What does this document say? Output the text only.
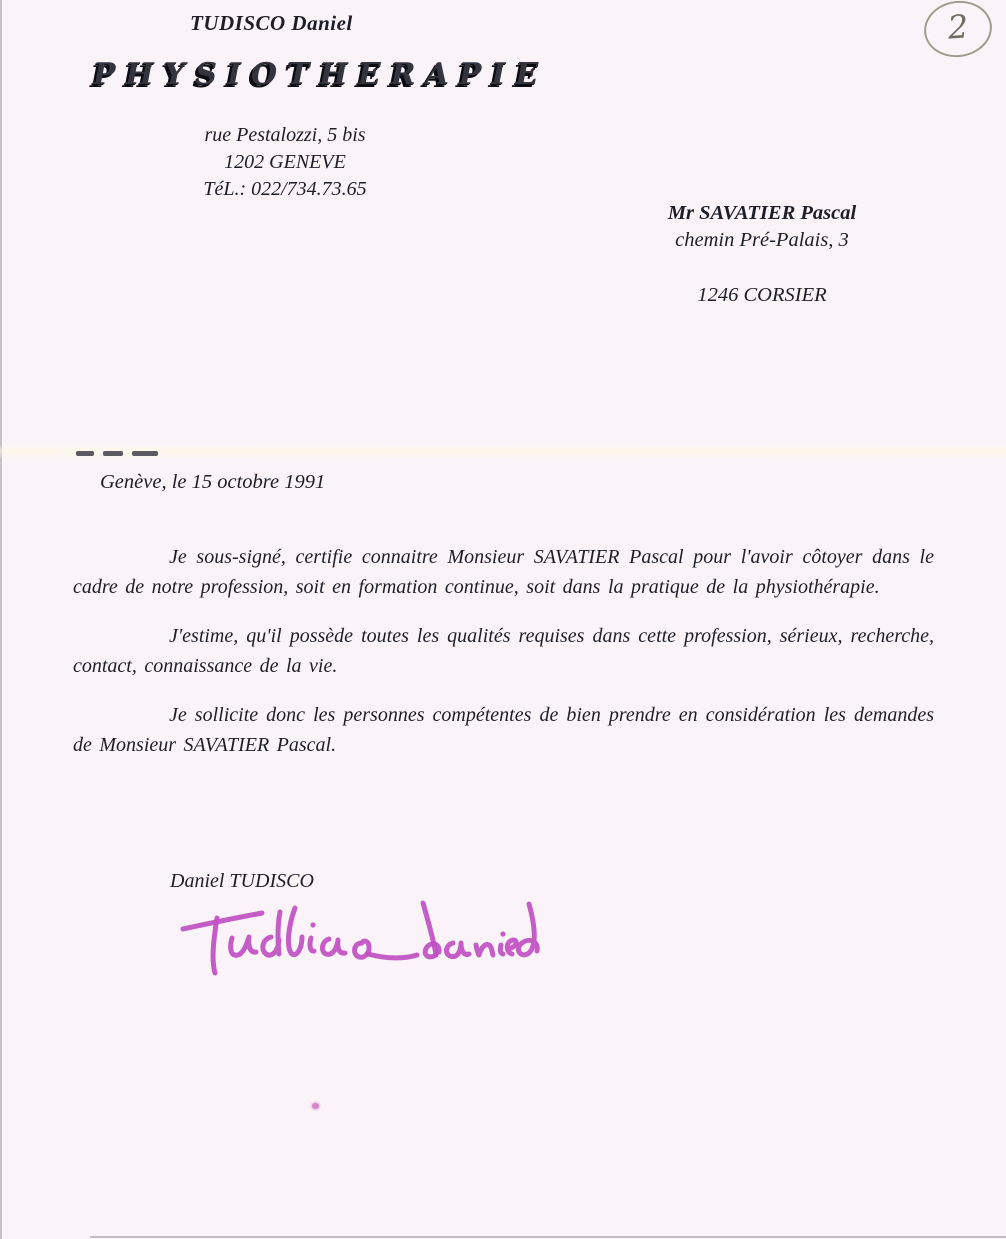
2
TUDISCO Daniel
PHYSIOTHERAPIE
rue Pestalozzi, 5 bis
1202 GENEVE
TéL.: 022/734.73.65
Mr SAVATIER Pascal
chemin Pré-Palais, 3
1246 CORSIER
Genève, le 15 octobre 1991

Je sous-signé, certifie connaitre Monsieur SAVATIER Pascal pour l'avoir côtoyer dans le cadre de notre profession, soit en formation continue, soit dans la pratique de la physiothérapie.

J'estime, qu'il possède toutes les qualités requises dans cette profession, sérieux, recherche, contact, connaissance de la vie.

Je sollicite donc les personnes compétentes de bien prendre en considération les demandes de Monsieur SAVATIER Pascal.

Daniel TUDISCO
